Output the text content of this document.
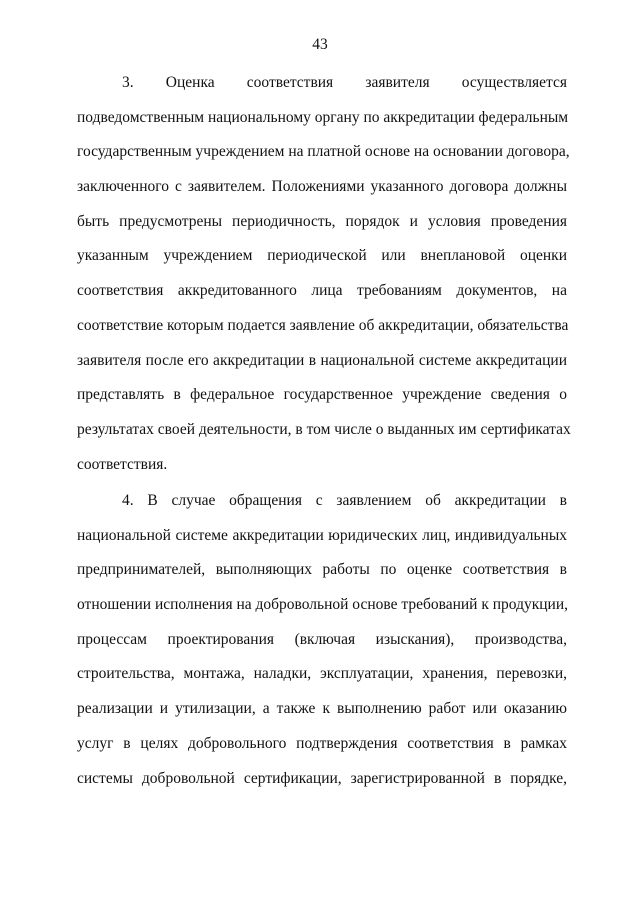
43
3. Оценка соответствия заявителя осуществляется
подведомственным национальному органу по аккредитации федеральным
государственным учреждением на платной основе на основании договора,
заключенного с заявителем. Положениями указанного договора должны
быть предусмотрены периодичность, порядок и условия проведения
указанным учреждением периодической или внеплановой оценки
соответствия аккредитованного лица требованиям документов, на
соответствие которым подается заявление об аккредитации, обязательства
заявителя после его аккредитации в национальной системе аккредитации
представлять в федеральное государственное учреждение сведения о
результатах своей деятельности, в том числе о выданных им сертификатах
соответствия.
4. В случае обращения с заявлением об аккредитации в
национальной системе аккредитации юридических лиц, индивидуальных
предпринимателей, выполняющих работы по оценке соответствия в
отношении исполнения на добровольной основе требований к продукции,
процессам проектирования (включая изыскания), производства,
строительства, монтажа, наладки, эксплуатации, хранения, перевозки,
реализации и утилизации, а также к выполнению работ или оказанию
услуг в целях добровольного подтверждения соответствия в рамках
системы добровольной сертификации, зарегистрированной в порядке,
